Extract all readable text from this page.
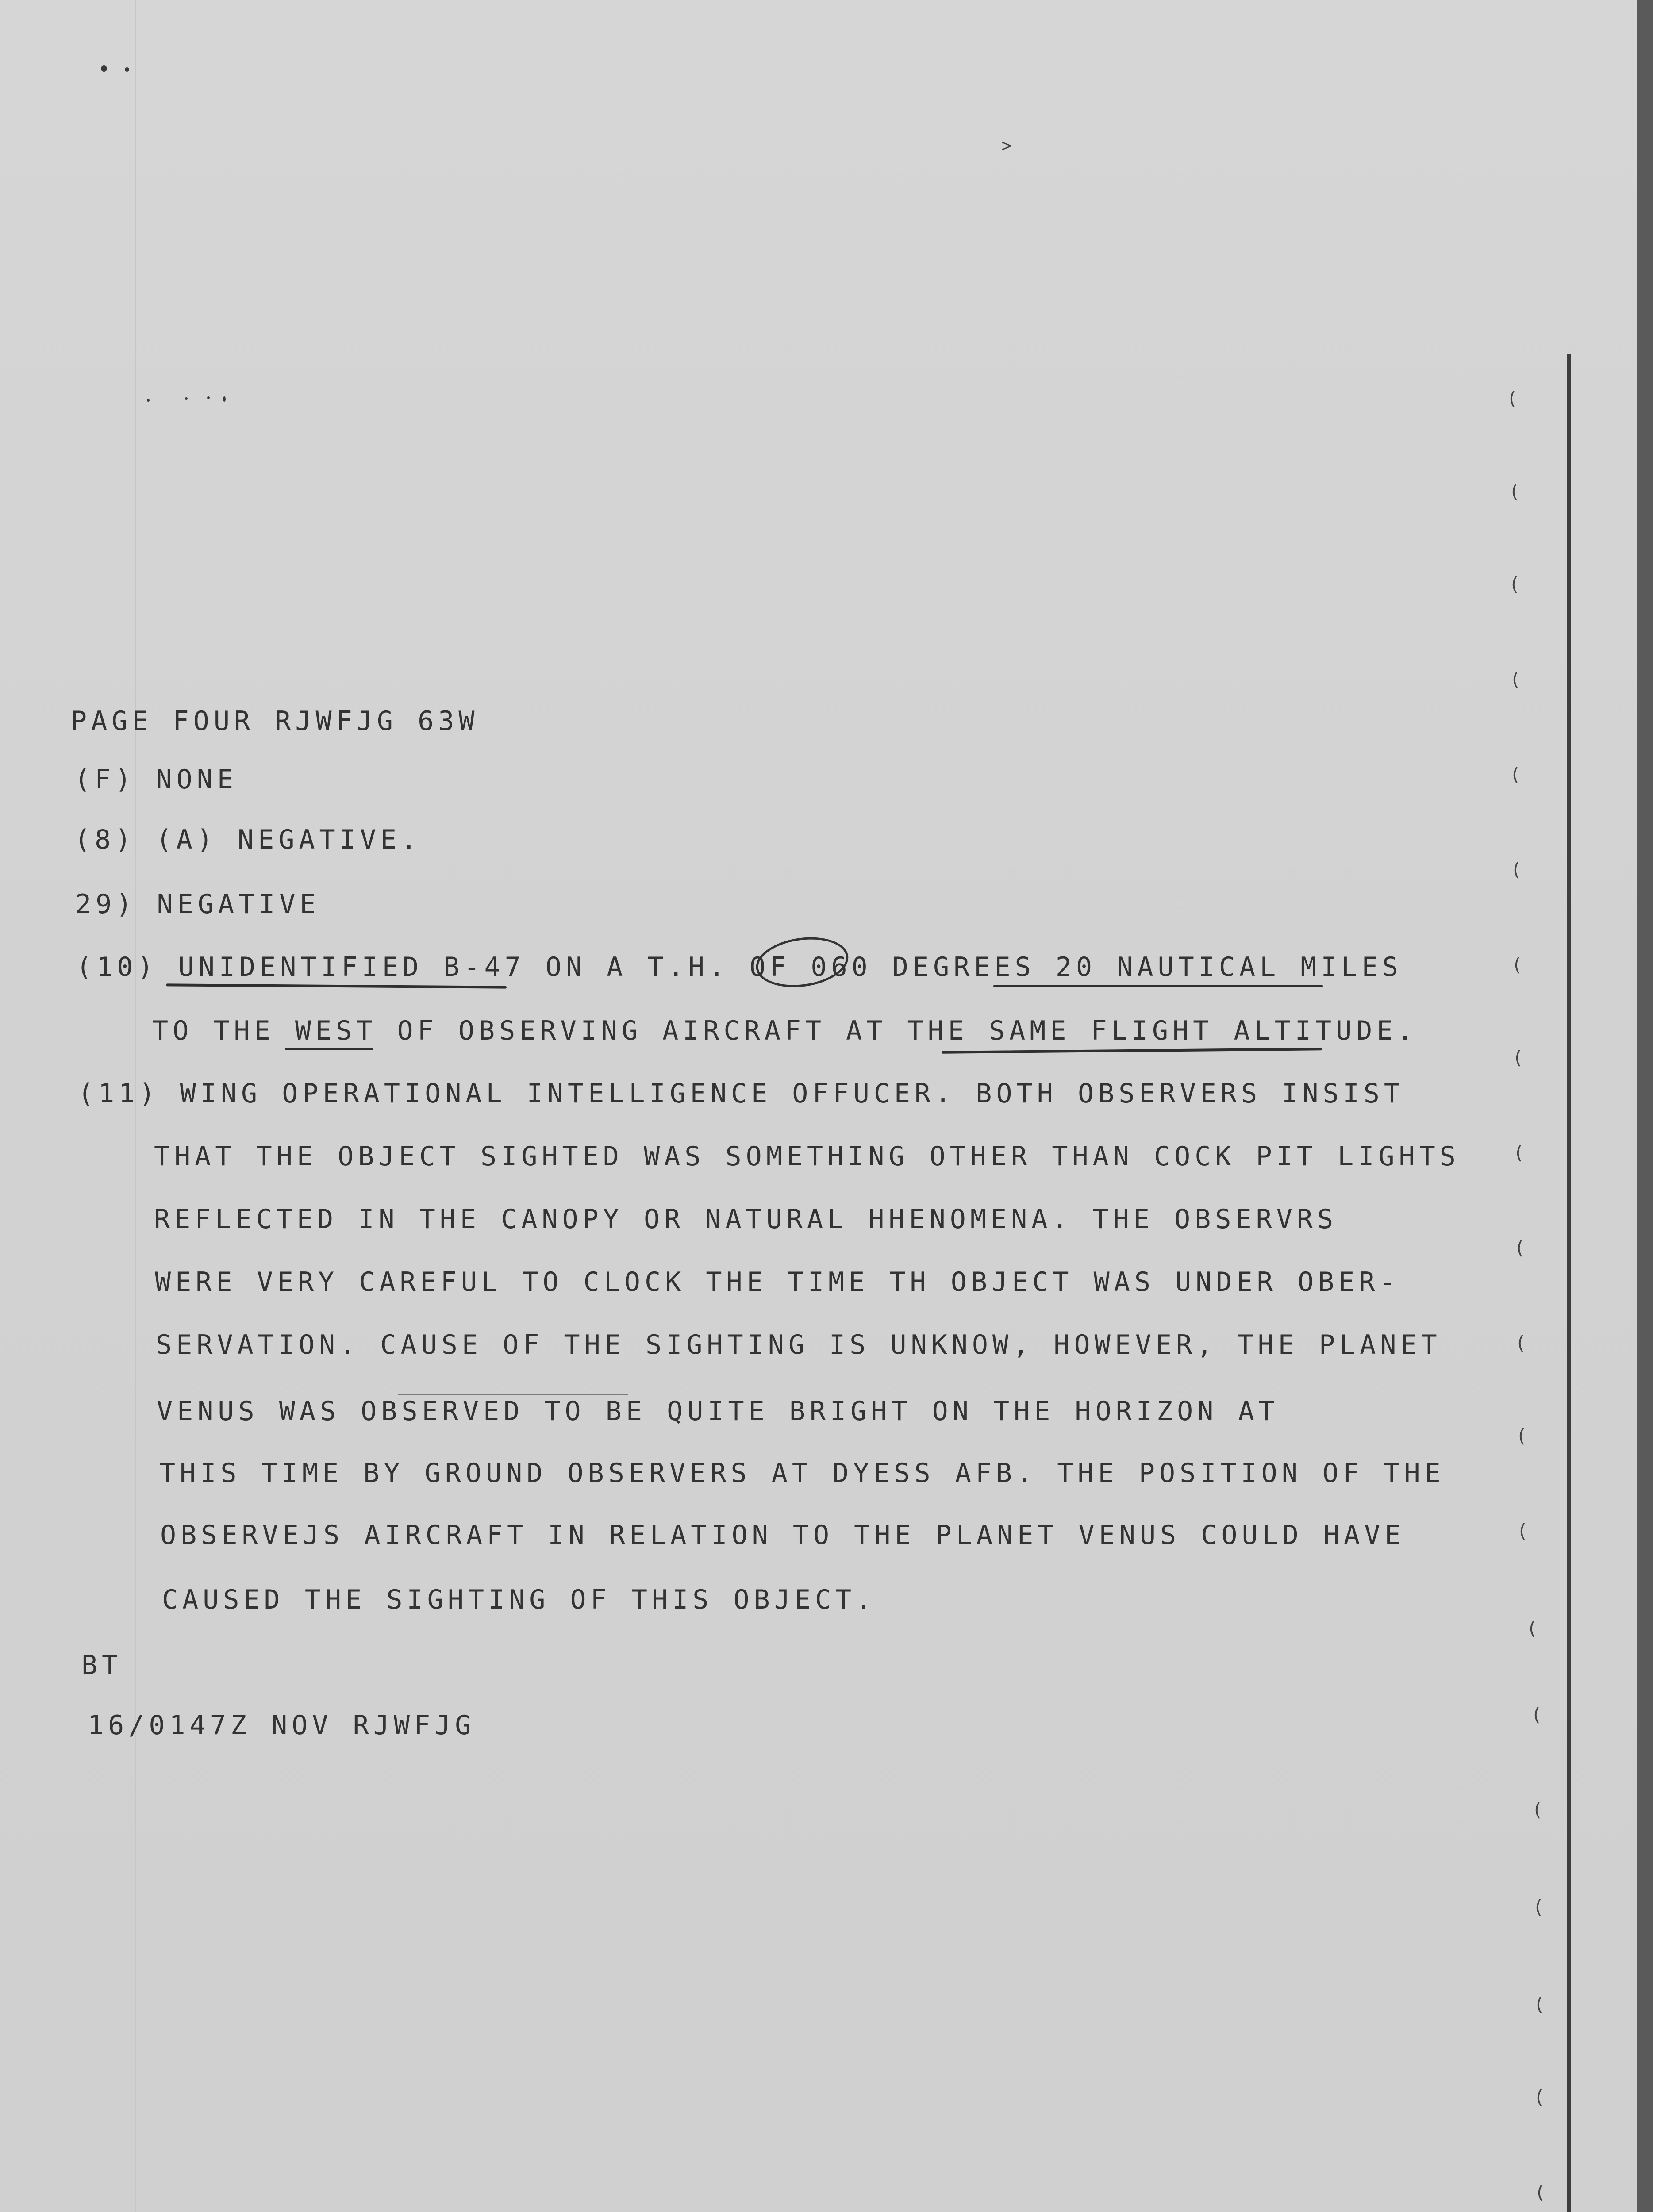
˃
(
(
(
(
(
(
(
(
(
(
(
(
(
(
(
(
(
(
(
(
PAGE FOUR RJWFJG 63W
(F) NONE
(8) (A) NEGATIVE.
29) NEGATIVE
(10) UNIDENTIFIED B-47 ON A T.H. OF 060 DEGREES 20 NAUTICAL MILES
TO THE WEST OF OBSERVING AIRCRAFT AT THE SAME FLIGHT ALTITUDE.
(11) WING OPERATIONAL INTELLIGENCE OFFUCER. BOTH OBSERVERS INSIST
THAT THE OBJECT SIGHTED WAS SOMETHING OTHER THAN COCK PIT LIGHTS
REFLECTED IN THE CANOPY OR NATURAL HHENOMENA. THE OBSERVRS
WERE VERY CAREFUL TO CLOCK THE TIME TH OBJECT WAS UNDER OBER-
SERVATION. CAUSE OF THE SIGHTING IS UNKNOW, HOWEVER, THE PLANET
VENUS WAS OBSERVED TO BE QUITE BRIGHT ON THE HORIZON AT
THIS TIME BY GROUND OBSERVERS AT DYESS AFB. THE POSITION OF THE
OBSERVEJS AIRCRAFT IN RELATION TO THE PLANET VENUS COULD HAVE
CAUSED THE SIGHTING OF THIS OBJECT.
BT
16/0147Z NOV RJWFJG
